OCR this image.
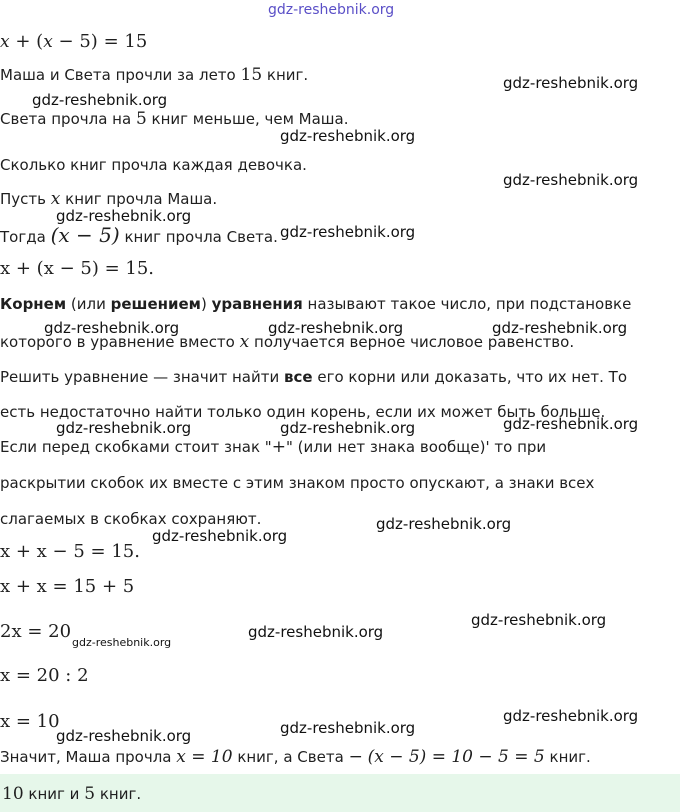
gdz-reshebnik.org
x + (x − 5) = 15
Маша и Света прочли за лето 15 книг.	gdz-reshebnik.org
gdz-reshebnik.org
Света прочла на 5 книг меньше, чем Маша.
gdz-reshebnik.org
Сколько книг прочла каждая девочка.
gdz-reshebnik.org
Пусть x книг прочла Маша.
gdz-reshebnik.org
Тогда (x − 5) книг прочла Света. gdz-reshebnik.org
x + (x − 5) = 15.
Корнем (или решением) уравнения называют такое число, при подстановке
gdz-reshebnik.org	gdz-reshebnik.org	gdz-reshebnik.org
которого в уравнение вместо x получается верное числовое равенство.
Решить уравнение — значит найти все его корни или доказать, что их нет. То
gdz-reshebnik.org	gdz-reshebnik.org	gdz-reshebnik.org
есть недостаточно найти только один корень, если их может быть больше.
Если перед скобками стоит знак "+" (или нет знака вообще)' то при
раскрытии скобок их вместе с этим знаком просто опускают, а знаки всех
слагаемых в скобках сохраняют.	gdz-reshebnik.org
gdz-reshebnik.org
x + x − 5 = 15.
x + x = 15 + 5
2x = 20
gdz-reshebnik.org
gdz-reshebnik.org
gdz-reshebnik.org
x = 20 : 2
x = 10	gdz-reshebnik.org
gdz-reshebnik.org	gdz-reshebnik.org
Значит, Маша прочла x = 10 книг, а Света − (x − 5) = 10 − 5 = 5 книг.
10 книг и 5 книг.
